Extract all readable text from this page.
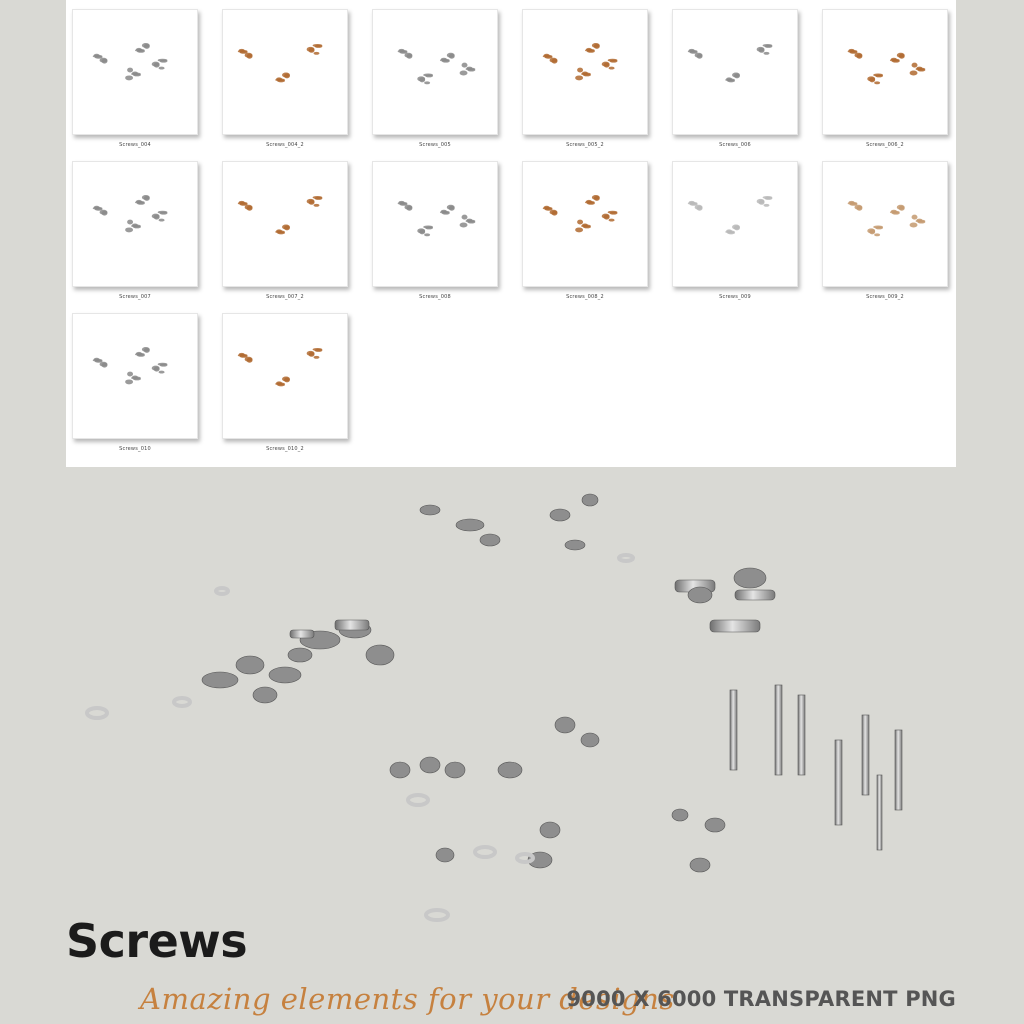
Screws
Amazing elements for your designs
9000 X 6000 TRANSPARENT PNG
Screws_004	Screws_004_2	Screws_005	Screws_005_2	Screws_006	Screws_006_2
Screws_007	Screws_007_2	Screws_008	Screws_008_2	Screws_009	Screws_009_2
Screws_010	Screws_010_2
